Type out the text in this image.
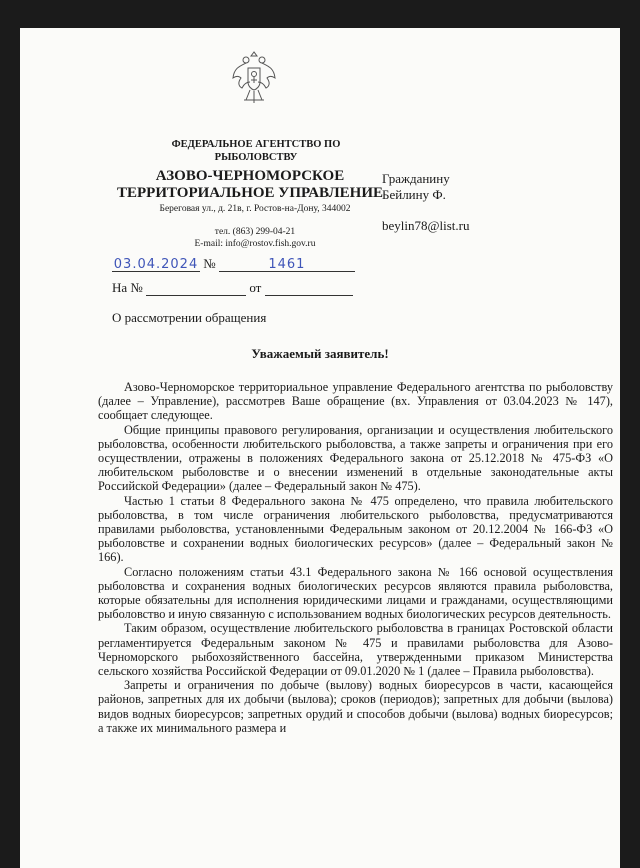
ФЕДЕРАЛЬНОЕ АГЕНТСТВО ПО РЫБОЛОВСТВУ
АЗОВО-ЧЕРНОМОРСКОЕ ТЕРРИТОРИАЛЬНОЕ УПРАВЛЕНИЕ
Береговая ул., д. 21в, г. Ростов-на-Дону, 344002
тел. (863) 299-04-21
E-mail: info@rostov.fish.gov.ru
Гражданину
Бейлину Ф.
beylin78@list.ru
03.04.2024 №	1461
На №	от
О рассмотрении обращения
Уважаемый заявитель!

Азово-Черноморское территориальное управление Федерального агентства по рыболовству (далее – Управление), рассмотрев Ваше обращение (вх. Управления от 03.04.2023 № 147), сообщает следующее.

Общие принципы правового регулирования, организации и осуществления любительского рыболовства, особенности любительского рыболовства, а также запреты и ограничения при его осуществлении, отражены в положениях Федерального закона от 25.12.2018 № 475-ФЗ «О любительском рыболовстве и о внесении изменений в отдельные законодательные акты Российской Федерации» (далее – Федеральный закон № 475).

Частью 1 статьи 8 Федерального закона № 475 определено, что правила любительского рыболовства, в том числе ограничения любительского рыболовства, предусматриваются правилами рыболовства, установленными Федеральным законом от 20.12.2004 № 166-ФЗ «О рыболовстве и сохранении водных биологических ресурсов» (далее – Федеральный закон № 166).

Согласно положениям статьи 43.1 Федерального закона № 166 основой осуществления рыболовства и сохранения водных биологических ресурсов являются правила рыболовства, которые обязательны для исполнения юридическими лицами и гражданами, осуществляющими рыболовство и иную связанную с использованием водных биологических ресурсов деятельность.

Таким образом, осуществление любительского рыболовства в границах Ростовской области регламентируется Федеральным законом № 475 и правилами рыболовства для Азово-Черноморского рыбохозяйственного бассейна, утвержденными приказом Министерства сельского хозяйства Российской Федерации от 09.01.2020 № 1 (далее – Правила рыболовства).

Запреты и ограничения по добыче (вылову) водных биоресурсов в части, касающейся районов, запретных для их добычи (вылова); сроков (периодов); запретных для добычи (вылова) видов водных биоресурсов; запретных орудий и способов добычи (вылова) водных биоресурсов; а также их минимального размера и
